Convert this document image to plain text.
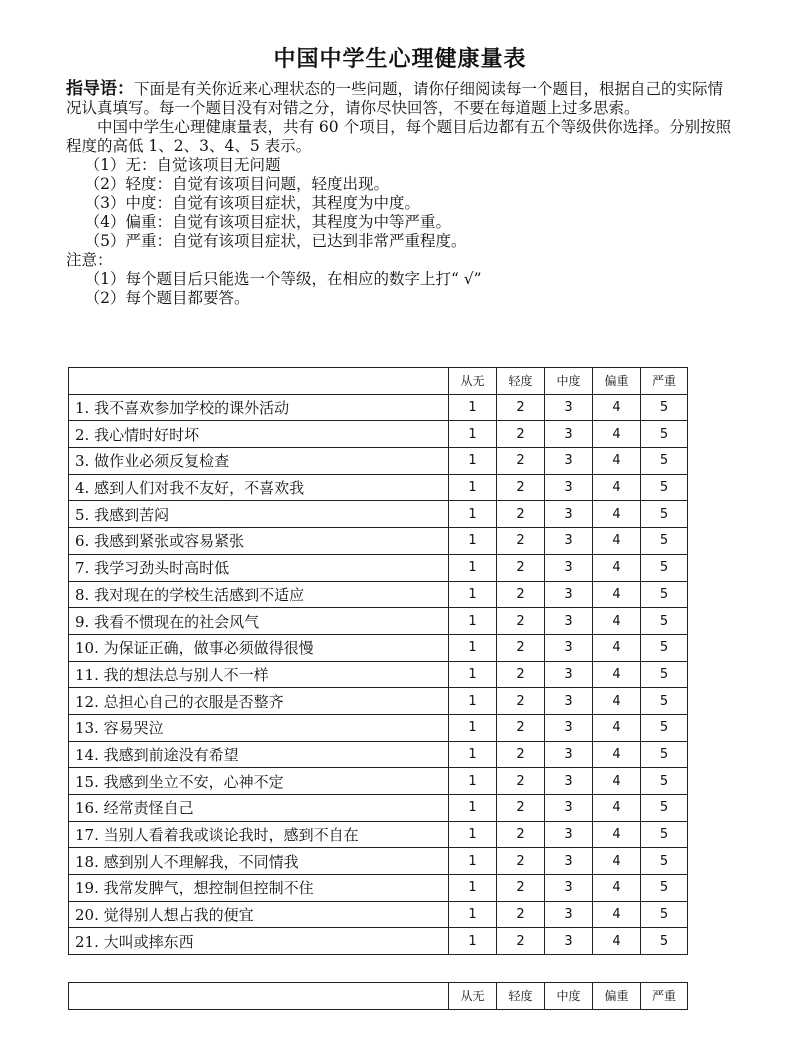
中国中学生心理健康量表

指导语：下面是有关你近来心理状态的一些问题，请你仔细阅读每一个题目，根据自己的实际情况认真填写。每一个题目没有对错之分，请你尽快回答，不要在每道题上过多思索。

中国中学生心理健康量表，共有 60 个项目，每个题目后边都有五个等级供你选择。分别按照程度的高低 1、2、3、4、5 表示。

（1）无：自觉该项目无问题

（2）轻度：自觉有该项目问题，轻度出现。

（3）中度：自觉有该项目症状，其程度为中度。

（4）偏重：自觉有该项目症状，其程度为中等严重。

（5）严重：自觉有该项目症状，已达到非常严重程度。

注意：

（1）每个题目后只能选一个等级，在相应的数字上打“ √”

（2）每个题目都要答。

	从无	轻度	中度	偏重	严重
1. 我不喜欢参加学校的课外活动	1	2	3	4	5
2. 我心情时好时坏	1	2	3	4	5
3. 做作业必须反复检查	1	2	3	4	5
4. 感到人们对我不友好，不喜欢我	1	2	3	4	5
5. 我感到苦闷	1	2	3	4	5
6. 我感到紧张或容易紧张	1	2	3	4	5
7. 我学习劲头时高时低	1	2	3	4	5
8. 我对现在的学校生活感到不适应	1	2	3	4	5
9. 我看不惯现在的社会风气	1	2	3	4	5
10. 为保证正确，做事必须做得很慢	1	2	3	4	5
11. 我的想法总与别人不一样	1	2	3	4	5
12. 总担心自己的衣服是否整齐	1	2	3	4	5
13. 容易哭泣	1	2	3	4	5
14. 我感到前途没有希望	1	2	3	4	5
15. 我感到坐立不安，心神不定	1	2	3	4	5
16. 经常责怪自己	1	2	3	4	5
17. 当别人看着我或谈论我时，感到不自在	1	2	3	4	5
18. 感到别人不理解我，不同情我	1	2	3	4	5
19. 我常发脾气，想控制但控制不住	1	2	3	4	5
20. 觉得别人想占我的便宜	1	2	3	4	5
21. 大叫或摔东西	1	2	3	4	5
	从无	轻度	中度	偏重	严重
